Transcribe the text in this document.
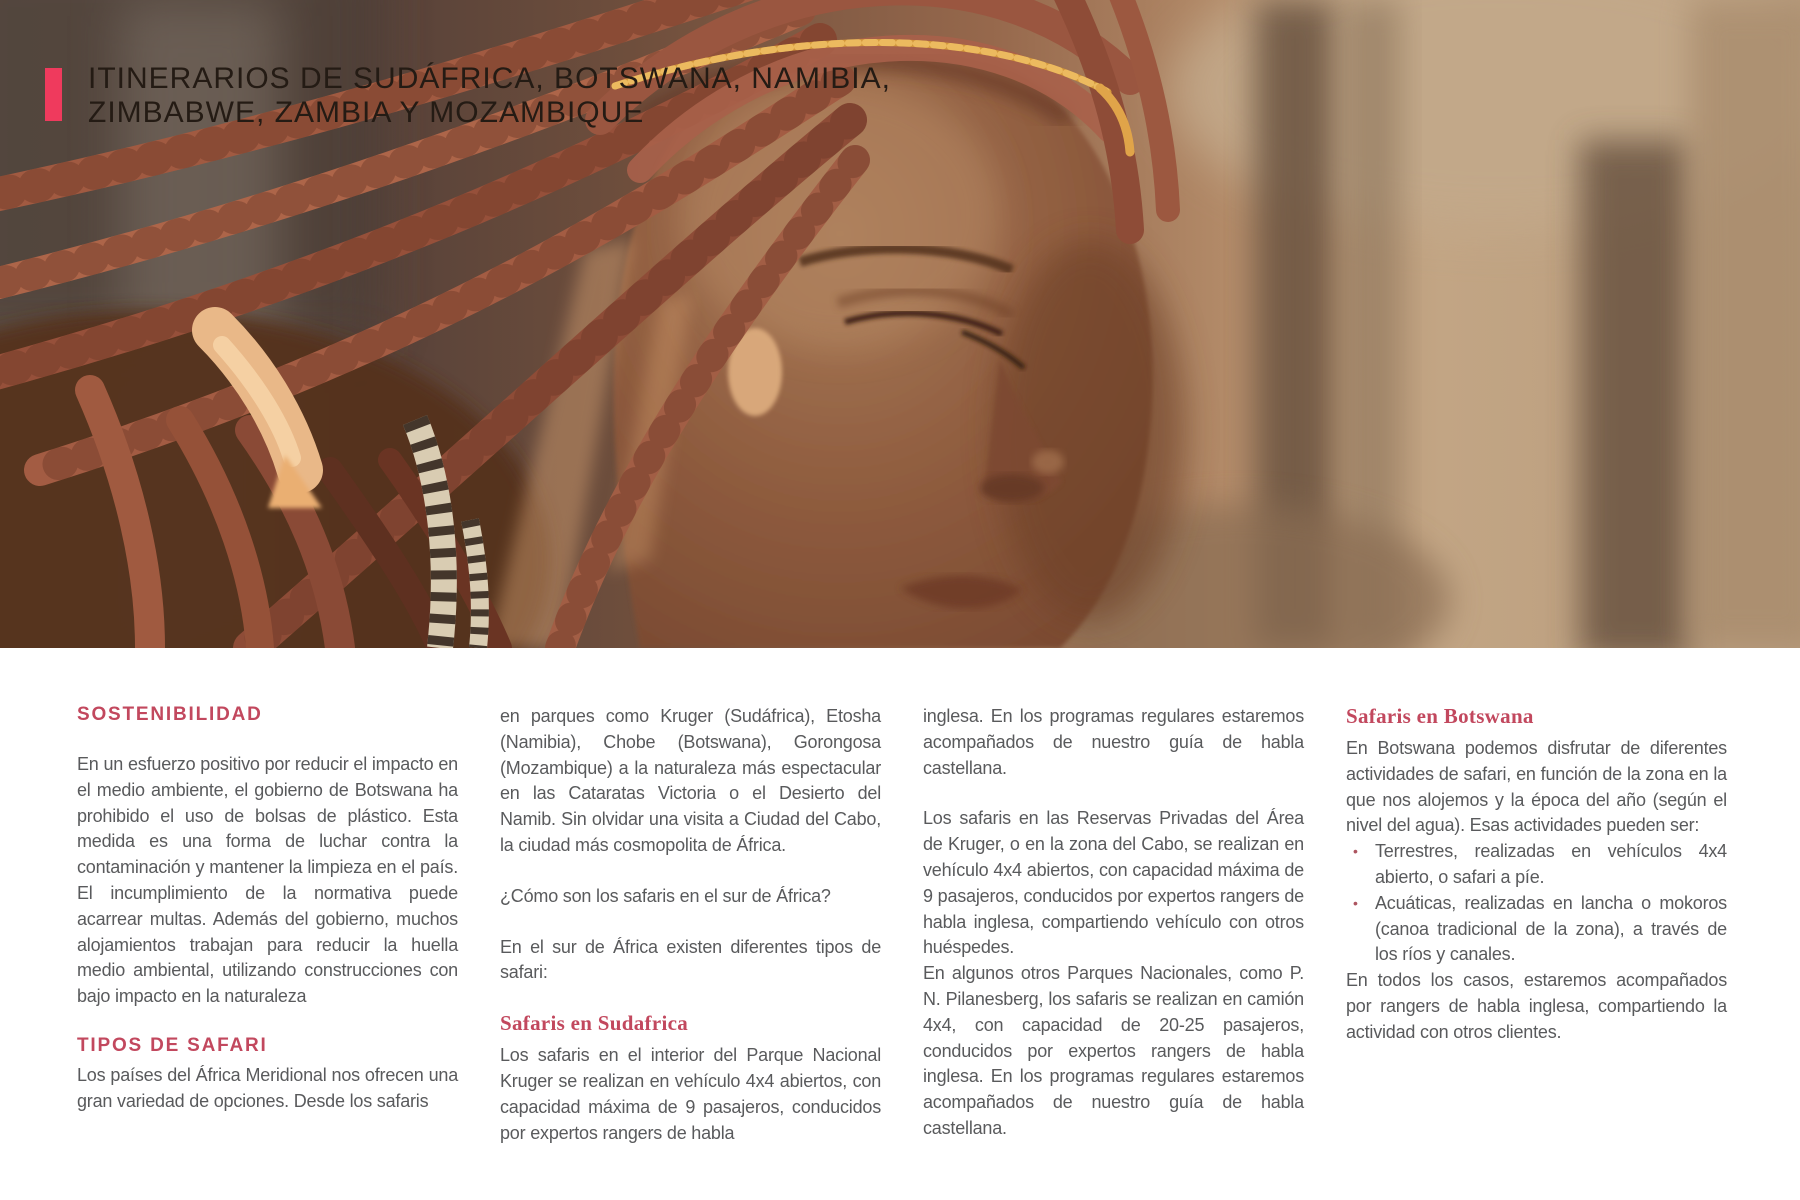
ITINERARIOS DE SUDÁFRICA, BOTSWANA, NAMIBIA,
ZIMBABWE, ZAMBIA Y MOZAMBIQUE
SOSTENIBILIDAD

En un esfuerzo positivo por reducir el impacto en el medio ambiente, el gobierno de Botswana ha prohibido el uso de bolsas de plástico. Esta medida es una forma de luchar contra la contaminación y mantener la limpieza en el país. El incumplimiento de la normativa puede acarrear multas. Además del gobierno, muchos alojamientos trabajan para reducir la huella medio ambiental, utilizando construcciones con bajo impacto en la naturaleza

TIPOS DE SAFARI

Los países del África Meridional nos ofrecen una gran variedad de opciones. Desde los safaris

en parques como Kruger (Sudáfrica), Etosha (Namibia), Chobe (Botswana), Gorongosa (Mozambique) a la naturaleza más espectacular en las Cataratas Victoria o el Desierto del Namib. Sin olvidar una visita a Ciudad del Cabo, la ciudad más cosmopolita de África.

¿Cómo son los safaris en el sur de África?

En el sur de África existen diferentes tipos de safari:

Safaris en Sudafrica

Los safaris en el interior del Parque Nacional Kruger se realizan en vehículo 4x4 abiertos, con capacidad máxima de 9 pasajeros, conducidos por expertos rangers de habla

inglesa. En los programas regulares estaremos acompañados de nuestro guía de habla castellana.

Los safaris en las Reservas Privadas del Área de Kruger, o en la zona del Cabo, se realizan en vehículo 4x4 abiertos, con capacidad máxima de 9 pasajeros, conducidos por expertos rangers de habla inglesa, compartiendo vehículo con otros huéspedes.

En algunos otros Parques Nacionales, como P. N. Pilanesberg, los safaris se realizan en camión 4x4, con capacidad de 20-25 pasajeros, conducidos por expertos rangers de habla inglesa. En los programas regulares estaremos acompañados de nuestro guía de habla castellana.

Safaris en Botswana

En Botswana podemos disfrutar de diferentes actividades de safari, en función de la zona en la que nos alojemos y la época del año (según el nivel del agua). Esas actividades pueden ser:

• Terrestres, realizadas en vehículos 4x4 abierto, o safari a píe.
• Acuáticas, realizadas en lancha o mokoros (canoa tradicional de la zona), a través de los ríos y canales.

En todos los casos, estaremos acompañados por rangers de habla inglesa, compartiendo la actividad con otros clientes.
